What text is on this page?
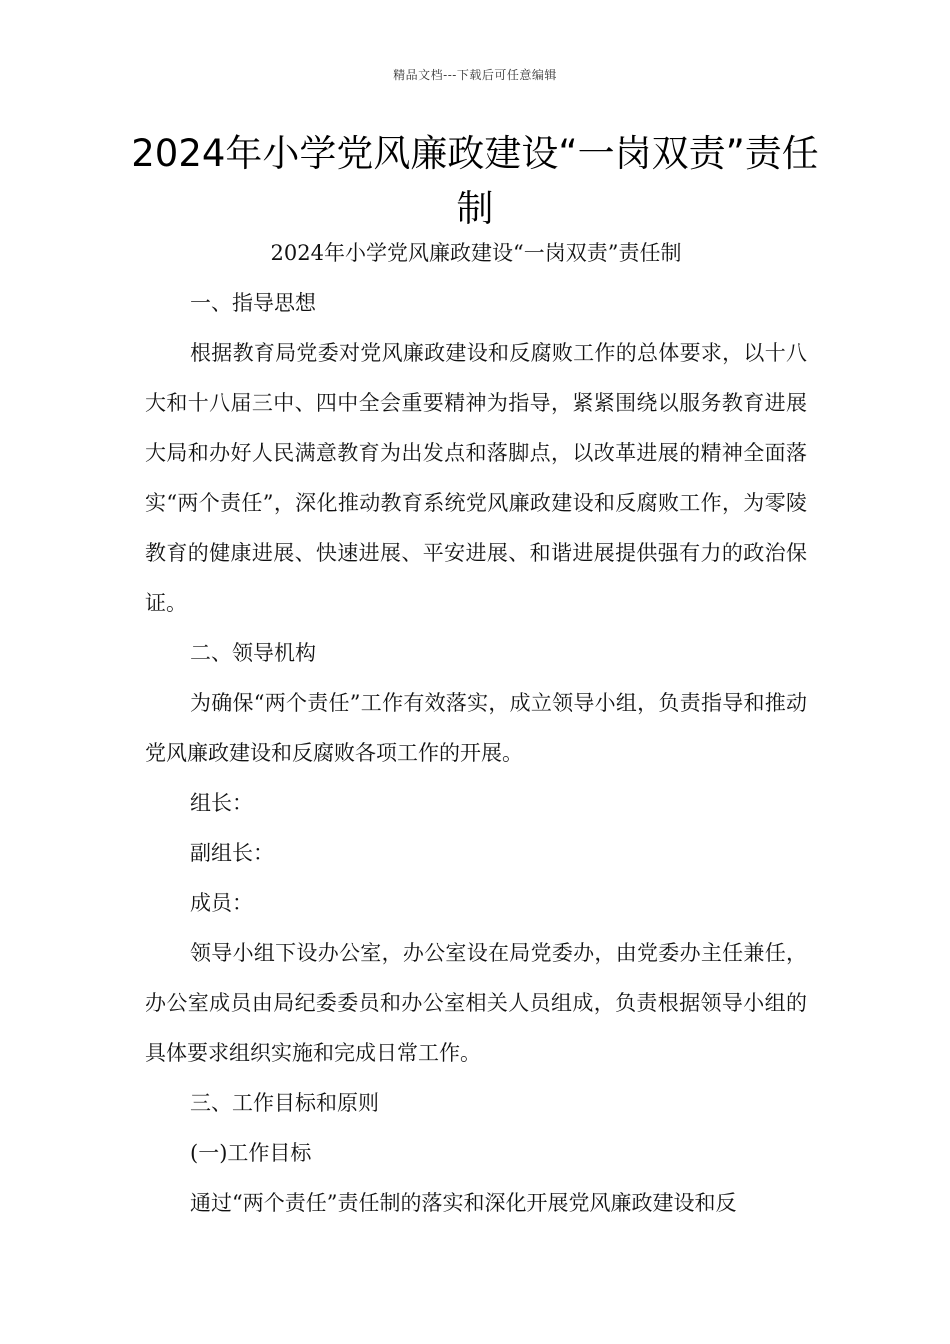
精品文档---下载后可任意编辑
2024年小学党风廉政建设“一岗双责”责任制

2024年小学党风廉政建设“一岗双责”责任制

一、指导思想

根据教育局党委对党风廉政建设和反腐败工作的总体要求，以十八大和十八届三中、四中全会重要精神为指导，紧紧围绕以服务教育进展大局和办好人民满意教育为出发点和落脚点，以改革进展的精神全面落实“两个责任”，深化推动教育系统党风廉政建设和反腐败工作，为零陵教育的健康进展、快速进展、平安进展、和谐进展提供强有力的政治保证。

二、领导机构

为确保“两个责任”工作有效落实，成立领导小组，负责指导和推动党风廉政建设和反腐败各项工作的开展。

组长：

副组长：

成员：

领导小组下设办公室，办公室设在局党委办，由党委办主任兼任，办公室成员由局纪委委员和办公室相关人员组成，负责根据领导小组的具体要求组织实施和完成日常工作。

三、工作目标和原则

(一)工作目标

通过“两个责任”责任制的落实和深化开展党风廉政建设和反
